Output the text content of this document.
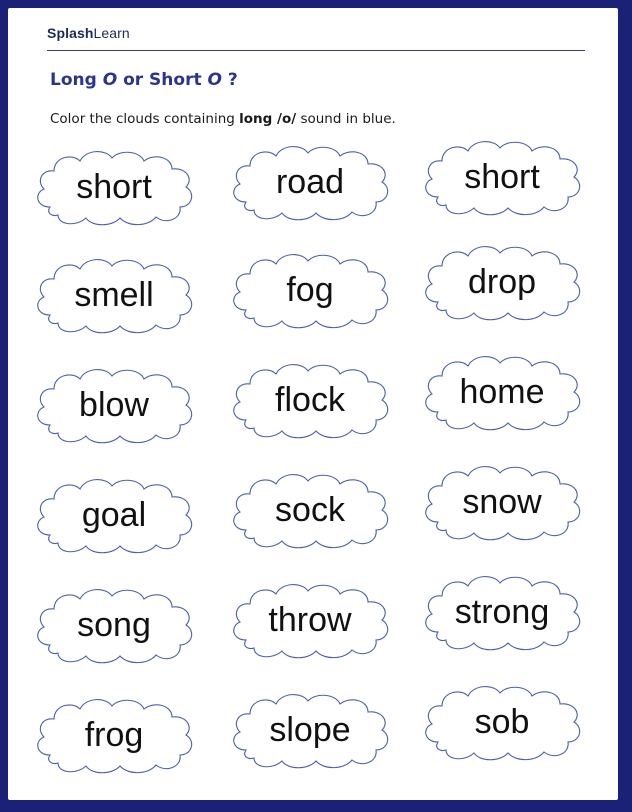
SplashLearn
Long O or Short O ?
Color the clouds containing long /o/ sound in blue.
short	road	short
smell	fog	drop
blow	flock	home
goal	sock	snow
song	throw	strong
frog	slope	sob
